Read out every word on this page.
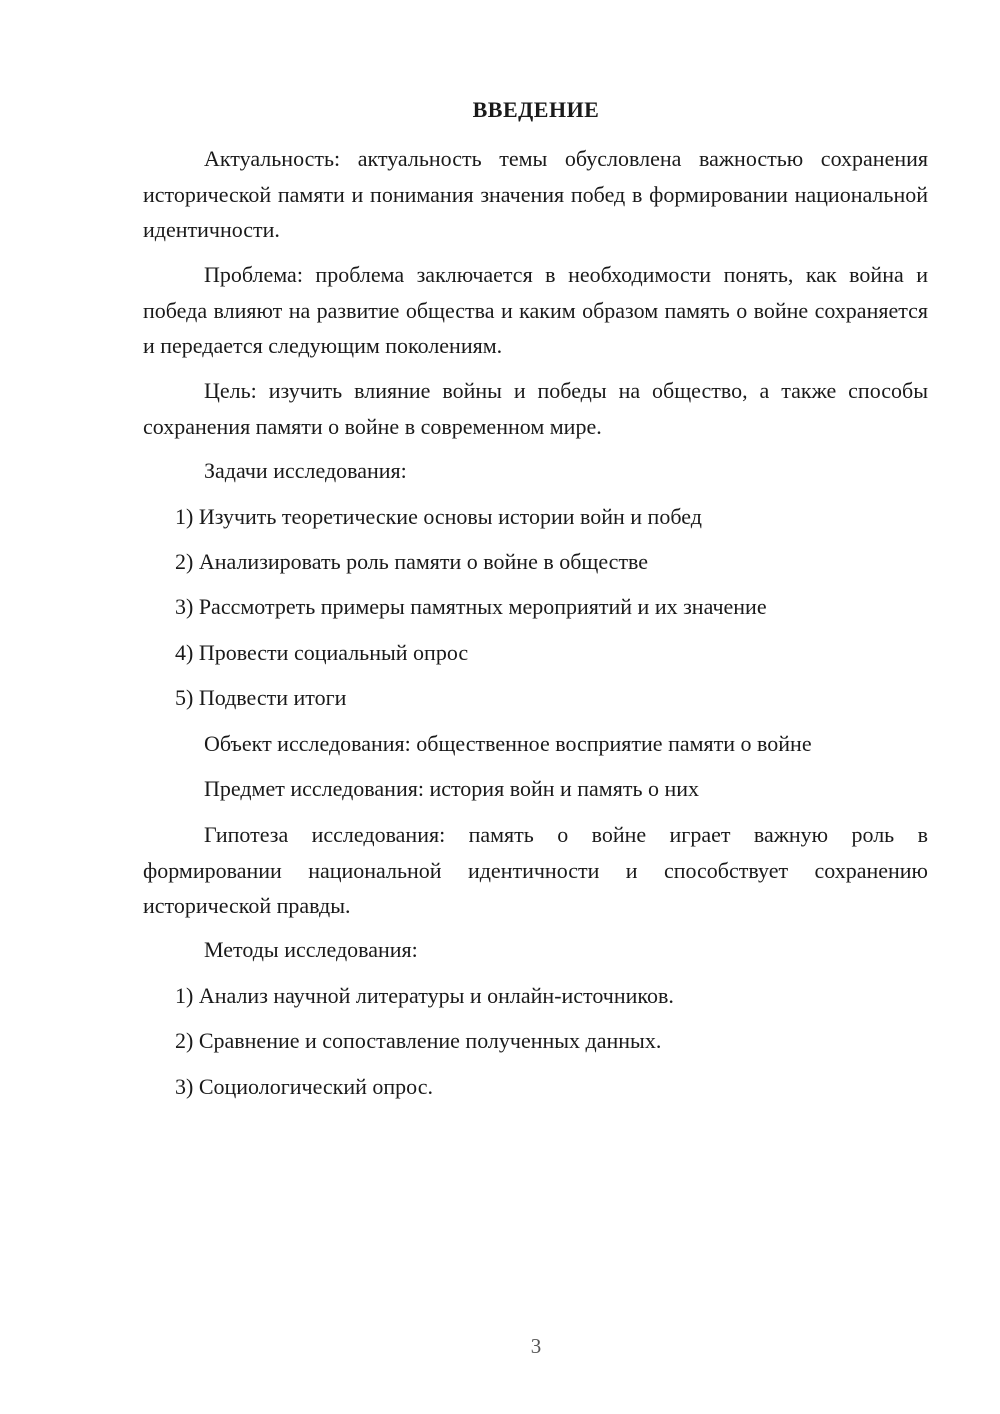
ВВЕДЕНИЕ

Актуальность: актуальность темы обусловлена важностью сохранения исторической памяти и понимания значения побед в формировании национальной идентичности.

Проблема: проблема заключается в необходимости понять, как война и победа влияют на развитие общества и каким образом память о войне сохраняется и передается следующим поколениям.

Цель: изучить влияние войны и победы на общество, а также способы сохранения памяти о войне в современном мире.

Задачи исследования:
1) Изучить теоретические основы истории войн и побед
2) Анализировать роль памяти о войне в обществе
3) Рассмотреть примеры памятных мероприятий и их значение
4) Провести социальный опрос
5) Подвести итоги
Объект исследования: общественное восприятие памяти о войне
Предмет исследования: история войн и память о них

Гипотеза исследования: память о войне играет важную роль в формировании национальной идентичности и способствует сохранению исторической правды.

Методы исследования:
1) Анализ научной литературы и онлайн-источников.
2) Сравнение и сопоставление полученных данных.
3) Социологический опрос.
3
